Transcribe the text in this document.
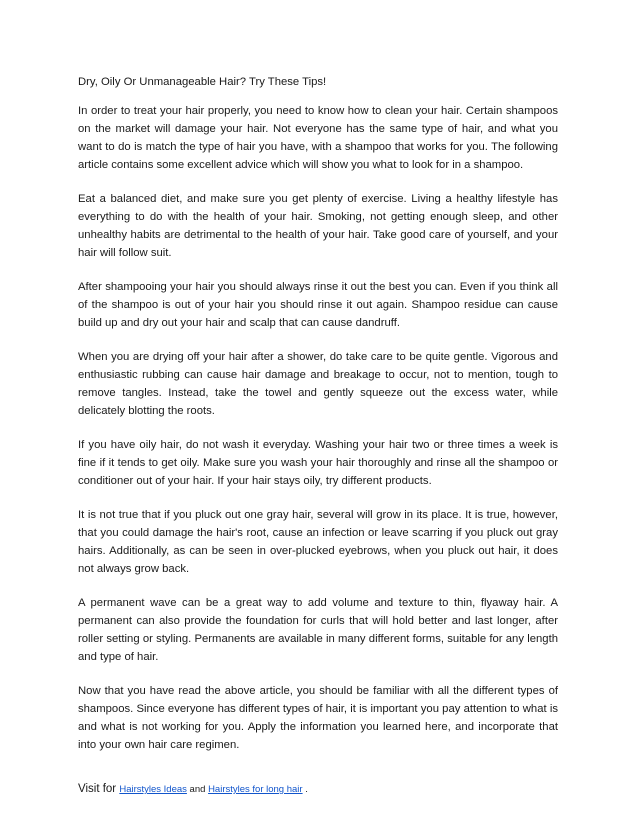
Dry, Oily Or Unmanageable Hair? Try These Tips!

In order to treat your hair properly, you need to know how to clean your hair. Certain shampoos on the market will damage your hair. Not everyone has the same type of hair, and what you want to do is match the type of hair you have, with a shampoo that works for you. The following article contains some excellent advice which will show you what to look for in a shampoo.

Eat a balanced diet, and make sure you get plenty of exercise. Living a healthy lifestyle has everything to do with the health of your hair. Smoking, not getting enough sleep, and other unhealthy habits are detrimental to the health of your hair. Take good care of yourself, and your hair will follow suit.

After shampooing your hair you should always rinse it out the best you can. Even if you think all of the shampoo is out of your hair you should rinse it out again. Shampoo residue can cause build up and dry out your hair and scalp that can cause dandruff.

When you are drying off your hair after a shower, do take care to be quite gentle. Vigorous and enthusiastic rubbing can cause hair damage and breakage to occur, not to mention, tough to remove tangles. Instead, take the towel and gently squeeze out the excess water, while delicately blotting the roots.

If you have oily hair, do not wash it everyday. Washing your hair two or three times a week is fine if it tends to get oily. Make sure you wash your hair thoroughly and rinse all the shampoo or conditioner out of your hair. If your hair stays oily, try different products.

It is not true that if you pluck out one gray hair, several will grow in its place. It is true, however, that you could damage the hair's root, cause an infection or leave scarring if you pluck out gray hairs. Additionally, as can be seen in over-plucked eyebrows, when you pluck out hair, it does not always grow back.

A permanent wave can be a great way to add volume and texture to thin, flyaway hair. A permanent can also provide the foundation for curls that will hold better and last longer, after roller setting or styling. Permanents are available in many different forms, suitable for any length and type of hair.

Now that you have read the above article, you should be familiar with all the different types of shampoos. Since everyone has different types of hair, it is important you pay attention to what is and what is not working for you. Apply the information you learned here, and incorporate that into your own hair care regimen.

Visit for Hairstyles Ideas and Hairstyles for long hair .
